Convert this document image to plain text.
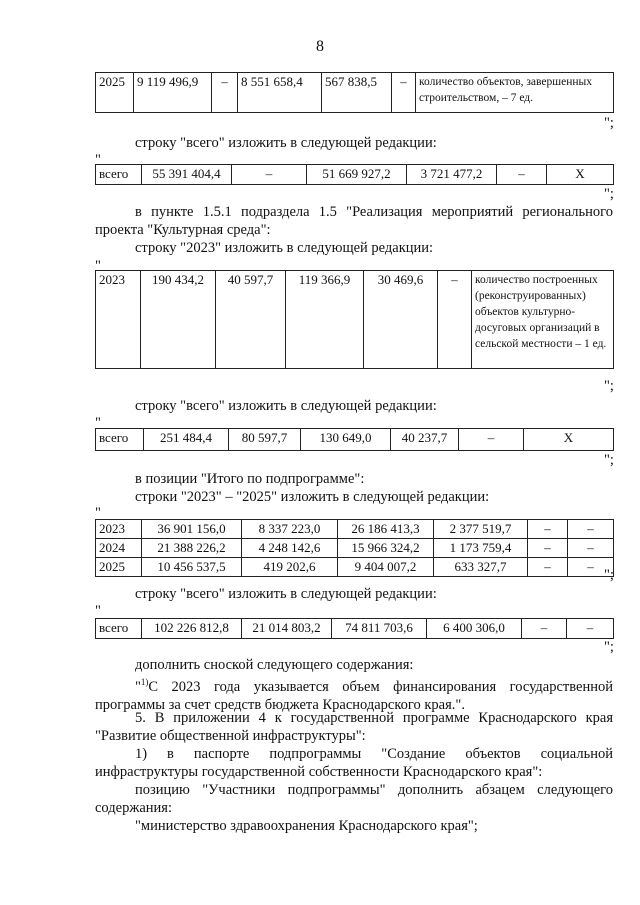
8
2025	9 119 496,9	–	8 551 658,4	567 838,5	–	количество объектов, завершенных строительством, – 7 ед.
";
строку "всего" изложить в следующей редакции:
"
всего	55 391 404,4	–	51 669 927,2	3 721 477,2	–	Х
";
в пункте 1.5.1 подраздела 1.5 "Реализация мероприятий регионального проекта "Культурная среда":
строку "2023" изложить в следующей редакции:
"
2023	190 434,2	40 597,7	119 366,9	30 469,6	–	количество построенных (реконструированных) объектов культурно-досуговых организаций в сельской местности – 1 ед.
";
строку "всего" изложить в следующей редакции:
"
всего	251 484,4	80 597,7	130 649,0	40 237,7	–	Х
";
в позиции "Итого по подпрограмме":
строки "2023" – "2025" изложить в следующей редакции:
"
2023	36 901 156,0	8 337 223,0	26 186 413,3	2 377 519,7	–	–
2024	21 388 226,2	4 248 142,6	15 966 324,2	1 173 759,4	–	–
2025	10 456 537,5	419 202,6	9 404 007,2	633 327,7	–	–
";
строку "всего" изложить в следующей редакции:
"
всего	102 226 812,8	21 014 803,2	74 811 703,6	6 400 306,0	–	–
";
дополнить сноской следующего содержания:
"$^{1)}$С 2023 года указывается объем финансирования государственной программы за счет средств бюджета Краснодарского края.".
5. В приложении 4 к государственной программе Краснодарского края "Развитие общественной инфраструктуры":
1) в паспорте подпрограммы "Создание объектов социальной инфраструктуры государственной собственности Краснодарского края":
позицию "Участники подпрограммы" дополнить абзацем следующего содержания:
"министерство здравоохранения Краснодарского края";
